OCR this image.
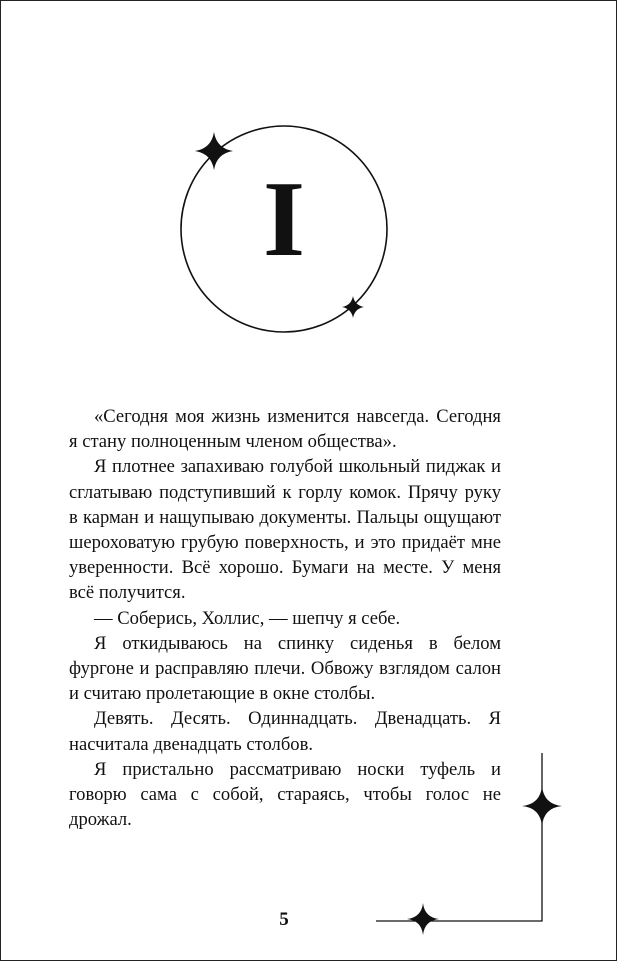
I

«Сегодня моя жизнь изменится навсегда. Сегодня я стану полноценным членом общества».

Я плотнее запахиваю голубой школьный пиджак и сглатываю подступивший к горлу комок. Прячу руку в карман и нащупываю документы. Пальцы ощущают шероховатую грубую поверхность, и это придаёт мне уверенности. Всё хорошо. Бумаги на месте. У меня всё получится.

— Соберись, Холлис, — шепчу я себе.

Я откидываюсь на спинку сиденья в белом фургоне и расправляю плечи. Обвожу взглядом салон и считаю пролетающие в окне столбы.

Девять. Десять. Одиннадцать. Двенадцать. Я насчитала двенадцать столбов.

Я пристально рассматриваю носки туфель и говорю сама с собой, стараясь, чтобы голос не дрожал.

5
